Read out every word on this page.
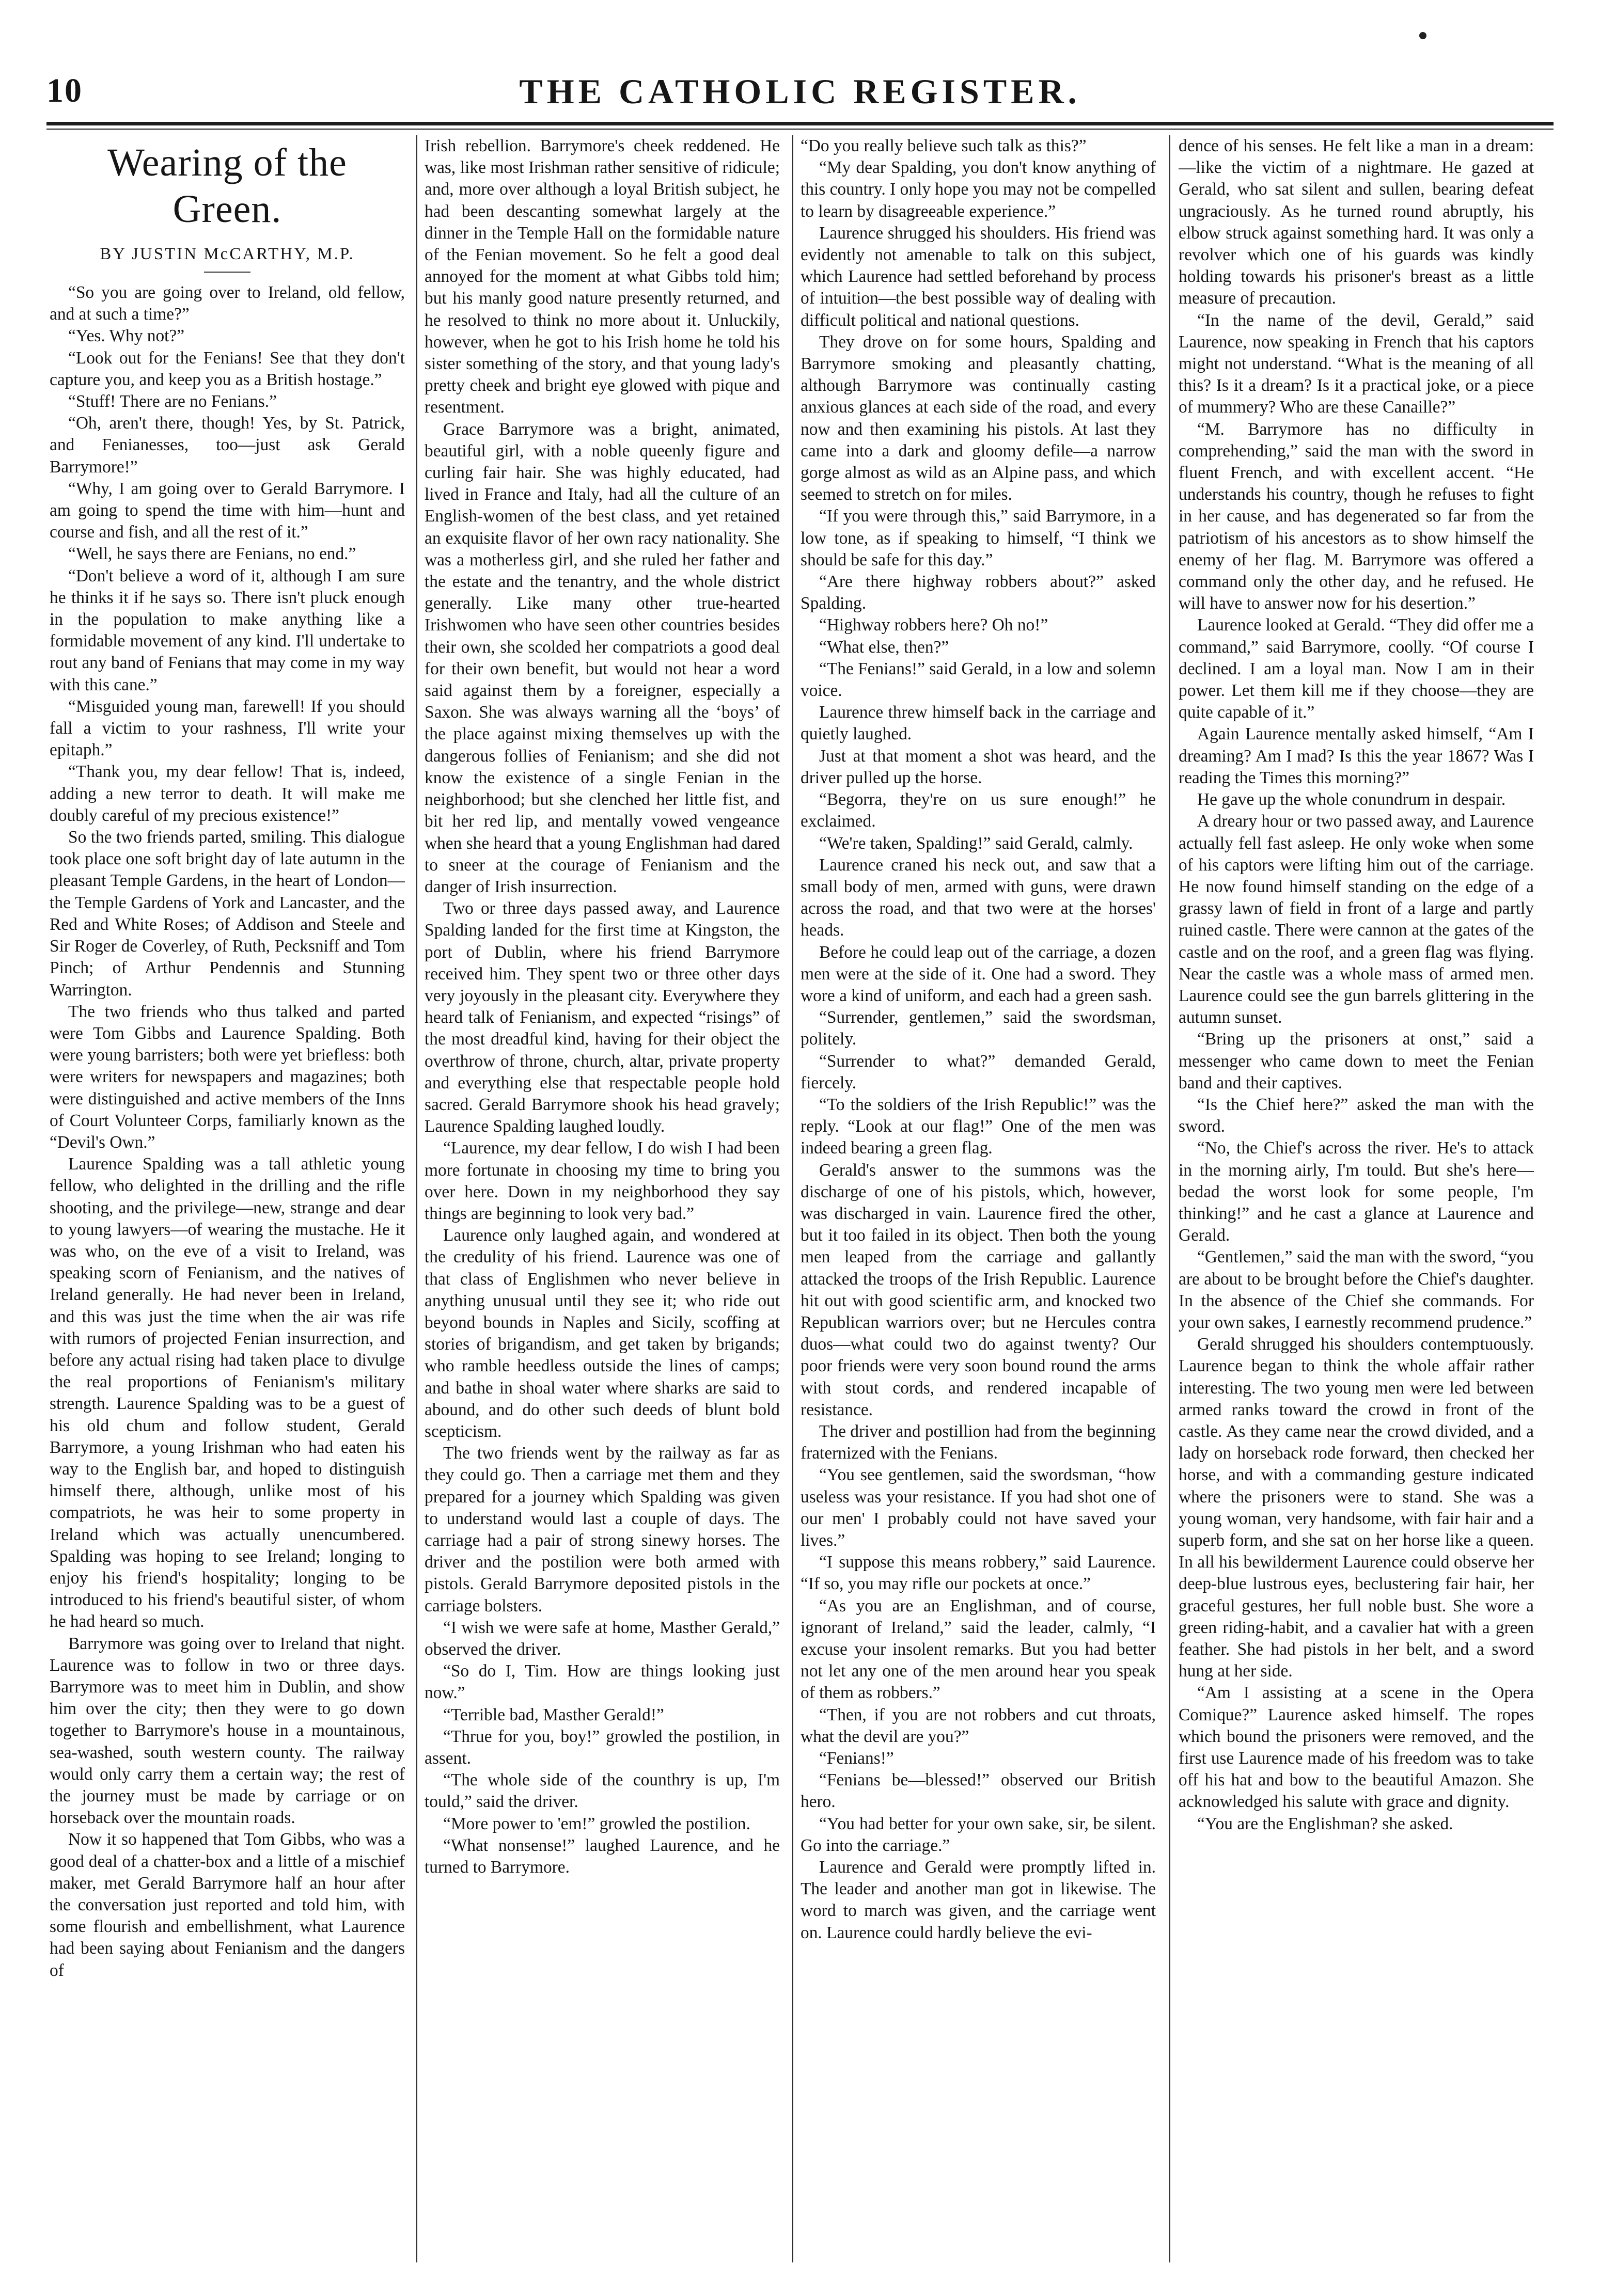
10	THE CATHOLIC REGISTER.
Wearing of the Green.
BY JUSTIN McCARTHY, M.P.

“So you are going over to Ireland, old fellow, and at such a time?”

“Yes. Why not?”

“Look out for the Fenians! See that they don't capture you, and keep you as a British hostage.”

“Stuff! There are no Fenians.”

“Oh, aren't there, though! Yes, by St. Patrick, and Fenianesses, too—just ask Gerald Barrymore!”

“Why, I am going over to Gerald Barrymore. I am going to spend the time with him—hunt and course and fish, and all the rest of it.”

“Well, he says there are Fenians, no end.”

“Don't believe a word of it, although I am sure he thinks it if he says so. There isn't pluck enough in the population to make anything like a formidable movement of any kind. I'll undertake to rout any band of Fenians that may come in my way with this cane.”

“Misguided young man, farewell! If you should fall a victim to your rashness, I'll write your epitaph.”

“Thank you, my dear fellow! That is, indeed, adding a new terror to death. It will make me doubly careful of my precious existence!”

So the two friends parted, smiling. This dialogue took place one soft bright day of late autumn in the pleasant Temple Gardens, in the heart of London—the Temple Gardens of York and Lancaster, and the Red and White Roses; of Addison and Steele and Sir Roger de Coverley, of Ruth, Pecksniff and Tom Pinch; of Arthur Pendennis and Stunning Warrington.

The two friends who thus talked and parted were Tom Gibbs and Laurence Spalding. Both were young barristers; both were yet briefless: both were writers for newspapers and magazines; both were distinguished and active members of the Inns of Court Volunteer Corps, familiarly known as the “Devil's Own.”

Laurence Spalding was a tall athletic young fellow, who delighted in the drilling and the rifle shooting, and the privilege—new, strange and dear to young lawyers—of wearing the mustache. He it was who, on the eve of a visit to Ireland, was speaking scorn of Fenianism, and the natives of Ireland generally. He had never been in Ireland, and this was just the time when the air was rife with rumors of projected Fenian insurrection, and before any actual rising had taken place to divulge the real proportions of Fenianism's military strength. Laurence Spalding was to be a guest of his old chum and follow student, Gerald Barrymore, a young Irishman who had eaten his way to the English bar, and hoped to distinguish himself there, although, unlike most of his compatriots, he was heir to some property in Ireland which was actually unencumbered. Spalding was hoping to see Ireland; longing to enjoy his friend's hospitality; longing to be introduced to his friend's beautiful sister, of whom he had heard so much.

Barrymore was going over to Ireland that night. Laurence was to follow in two or three days. Barrymore was to meet him in Dublin, and show him over the city; then they were to go down together to Barrymore's house in a mountainous, sea-washed, south western county. The railway would only carry them a certain way; the rest of the journey must be made by carriage or on horseback over the mountain roads.

Now it so happened that Tom Gibbs, who was a good deal of a chatter-box and a little of a mischief maker, met Gerald Barrymore half an hour after the conversation just reported and told him, with some flourish and embellishment, what Laurence had been saying about Fenianism and the dangers of

Irish rebellion. Barrymore's cheek reddened. He was, like most Irishman rather sensitive of ridicule; and, more over although a loyal British subject, he had been descanting somewhat largely at the dinner in the Temple Hall on the formidable nature of the Fenian movement. So he felt a good deal annoyed for the moment at what Gibbs told him; but his manly good nature presently returned, and he resolved to think no more about it. Unluckily, however, when he got to his Irish home he told his sister something of the story, and that young lady's pretty cheek and bright eye glowed with pique and resentment.

Grace Barrymore was a bright, animated, beautiful girl, with a noble queenly figure and curling fair hair. She was highly educated, had lived in France and Italy, had all the culture of an English-women of the best class, and yet retained an exquisite flavor of her own racy nationality. She was a motherless girl, and she ruled her father and the estate and the tenantry, and the whole district generally. Like many other true-hearted Irishwomen who have seen other countries besides their own, she scolded her compatriots a good deal for their own benefit, but would not hear a word said against them by a foreigner, especially a Saxon. She was always warning all the ‘boys’ of the place against mixing themselves up with the dangerous follies of Fenianism; and she did not know the existence of a single Fenian in the neighborhood; but she clenched her little fist, and bit her red lip, and mentally vowed vengeance when she heard that a young Englishman had dared to sneer at the courage of Fenianism and the danger of Irish insurrection.

Two or three days passed away, and Laurence Spalding landed for the first time at Kingston, the port of Dublin, where his friend Barrymore received him. They spent two or three other days very joyously in the pleasant city. Everywhere they heard talk of Fenianism, and expected “risings” of the most dreadful kind, having for their object the overthrow of throne, church, altar, private property and everything else that respectable people hold sacred. Gerald Barrymore shook his head gravely; Laurence Spalding laughed loudly.

“Laurence, my dear fellow, I do wish I had been more fortunate in choosing my time to bring you over here. Down in my neighborhood they say things are beginning to look very bad.”

Laurence only laughed again, and wondered at the credulity of his friend. Laurence was one of that class of Englishmen who never believe in anything unusual until they see it; who ride out beyond bounds in Naples and Sicily, scoffing at stories of brigandism, and get taken by brigands; who ramble heedless outside the lines of camps; and bathe in shoal water where sharks are said to abound, and do other such deeds of blunt bold scepticism.

The two friends went by the railway as far as they could go. Then a carriage met them and they prepared for a journey which Spalding was given to understand would last a couple of days. The carriage had a pair of strong sinewy horses. The driver and the postilion were both armed with pistols. Gerald Barrymore deposited pistols in the carriage bolsters.

“I wish we were safe at home, Masther Gerald,” observed the driver.

“So do I, Tim. How are things looking just now.”

“Terrible bad, Masther Gerald!”

“Thrue for you, boy!” growled the postilion, in assent.

“The whole side of the counthry is up, I'm tould,” said the driver.

“More power to 'em!” growled the postilion.

“What nonsense!” laughed Laurence, and he turned to Barrymore.

“Do you really believe such talk as this?”

“My dear Spalding, you don't know anything of this country. I only hope you may not be compelled to learn by disagreeable experience.”

Laurence shrugged his shoulders. His friend was evidently not amenable to talk on this subject, which Laurence had settled beforehand by process of intuition—the best possible way of dealing with difficult political and national questions.

They drove on for some hours, Spalding and Barrymore smoking and pleasantly chatting, although Barrymore was continually casting anxious glances at each side of the road, and every now and then examining his pistols. At last they came into a dark and gloomy defile—a narrow gorge almost as wild as an Alpine pass, and which seemed to stretch on for miles.

“If you were through this,” said Barrymore, in a low tone, as if speaking to himself, “I think we should be safe for this day.”

“Are there highway robbers about?” asked Spalding.

“Highway robbers here? Oh no!”

“What else, then?”

“The Fenians!” said Gerald, in a low and solemn voice.

Laurence threw himself back in the carriage and quietly laughed.

Just at that moment a shot was heard, and the driver pulled up the horse.

“Begorra, they're on us sure enough!” he exclaimed.

“We're taken, Spalding!” said Gerald, calmly.

Laurence craned his neck out, and saw that a small body of men, armed with guns, were drawn across the road, and that two were at the horses' heads.

Before he could leap out of the carriage, a dozen men were at the side of it. One had a sword. They wore a kind of uniform, and each had a green sash.

“Surrender, gentlemen,” said the swordsman, politely.

“Surrender to what?” demanded Gerald, fiercely.

“To the soldiers of the Irish Republic!” was the reply. “Look at our flag!” One of the men was indeed bearing a green flag.

Gerald's answer to the summons was the discharge of one of his pistols, which, however, was discharged in vain. Laurence fired the other, but it too failed in its object. Then both the young men leaped from the carriage and gallantly attacked the troops of the Irish Republic. Laurence hit out with good scientific arm, and knocked two Republican warriors over; but ne Hercules contra duos—what could two do against twenty? Our poor friends were very soon bound round the arms with stout cords, and rendered incapable of resistance.

The driver and postillion had from the beginning fraternized with the Fenians.

“You see gentlemen, said the swordsman, “how useless was your resistance. If you had shot one of our men' I probably could not have saved your lives.”

“I suppose this means robbery,” said Laurence. “If so, you may rifle our pockets at once.”

“As you are an Englishman, and of course, ignorant of Ireland,” said the leader, calmly, “I excuse your insolent remarks. But you had better not let any one of the men around hear you speak of them as robbers.”

“Then, if you are not robbers and cut throats, what the devil are you?”

“Fenians!”

“Fenians be—blessed!” observed our British hero.

“You had better for your own sake, sir, be silent. Go into the carriage.”

Laurence and Gerald were promptly lifted in. The leader and another man got in likewise. The word to march was given, and the carriage went on. Laurence could hardly believe the evi-

dence of his senses. He felt like a man in a dream:—like the victim of a nightmare. He gazed at Gerald, who sat silent and sullen, bearing defeat ungraciously. As he turned round abruptly, his elbow struck against something hard. It was only a revolver which one of his guards was kindly holding towards his prisoner's breast as a little measure of precaution.

“In the name of the devil, Gerald,” said Laurence, now speaking in French that his captors might not understand. “What is the meaning of all this? Is it a dream? Is it a practical joke, or a piece of mummery? Who are these Canaille?”

“M. Barrymore has no difficulty in comprehending,” said the man with the sword in fluent French, and with excellent accent. “He understands his country, though he refuses to fight in her cause, and has degenerated so far from the patriotism of his ancestors as to show himself the enemy of her flag. M. Barrymore was offered a command only the other day, and he refused. He will have to answer now for his desertion.”

Laurence looked at Gerald. “They did offer me a command,” said Barrymore, coolly. “Of course I declined. I am a loyal man. Now I am in their power. Let them kill me if they choose—they are quite capable of it.”

Again Laurence mentally asked himself, “Am I dreaming? Am I mad? Is this the year 1867? Was I reading the Times this morning?”

He gave up the whole conundrum in despair.

A dreary hour or two passed away, and Laurence actually fell fast asleep. He only woke when some of his captors were lifting him out of the carriage. He now found himself standing on the edge of a grassy lawn of field in front of a large and partly ruined castle. There were cannon at the gates of the castle and on the roof, and a green flag was flying. Near the castle was a whole mass of armed men. Laurence could see the gun barrels glittering in the autumn sunset.

“Bring up the prisoners at onst,” said a messenger who came down to meet the Fenian band and their captives.

“Is the Chief here?” asked the man with the sword.

“No, the Chief's across the river. He's to attack in the morning airly, I'm tould. But she's here—bedad the worst look for some people, I'm thinking!” and he cast a glance at Laurence and Gerald.

“Gentlemen,” said the man with the sword, “you are about to be brought before the Chief's daughter. In the absence of the Chief she commands. For your own sakes, I earnestly recommend prudence.”

Gerald shrugged his shoulders contemptuously. Laurence began to think the whole affair rather interesting. The two young men were led between armed ranks toward the crowd in front of the castle. As they came near the crowd divided, and a lady on horseback rode forward, then checked her horse, and with a commanding gesture indicated where the prisoners were to stand. She was a young woman, very handsome, with fair hair and a superb form, and she sat on her horse like a queen. In all his bewilderment Laurence could observe her deep-blue lustrous eyes, beclustering fair hair, her graceful gestures, her full noble bust. She wore a green riding-habit, and a cavalier hat with a green feather. She had pistols in her belt, and a sword hung at her side.

“Am I assisting at a scene in the Opera Comique?” Laurence asked himself. The ropes which bound the prisoners were removed, and the first use Laurence made of his freedom was to take off his hat and bow to the beautiful Amazon. She acknowledged his salute with grace and dignity.

“You are the Englishman? she asked.
